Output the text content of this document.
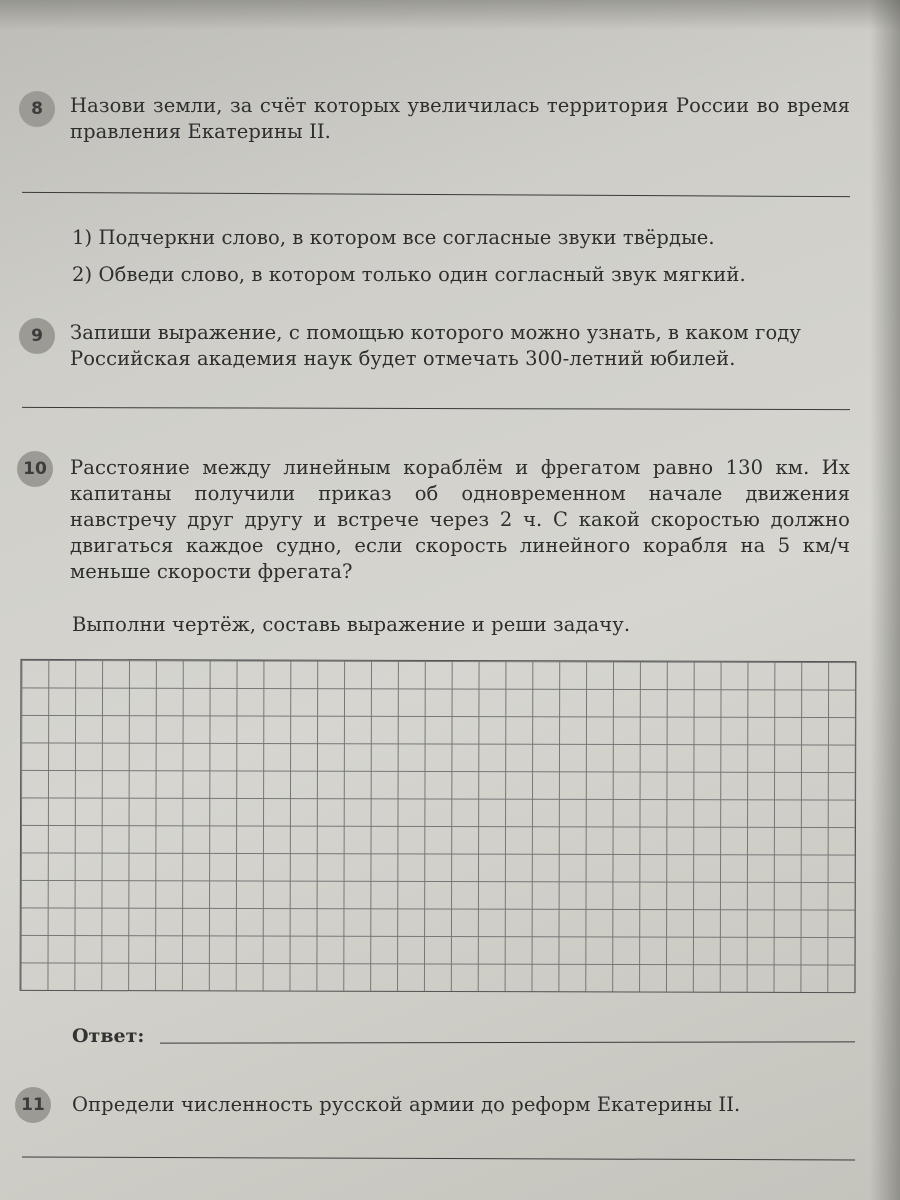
8	Назови земли, за счёт которых увеличилась территория России во время правления Екатерины II.
1) Подчеркни слово, в котором все согласные звуки твёрдые.
2) Обведи слово, в котором только один согласный звук мягкий.
9	Запиши выражение, с помощью которого можно узнать, в каком году Российская академия наук будет отмечать 300-летний юбилей.
10	Расстояние между линейным кораблём и фрегатом равно 130 км. Их капитаны получили приказ об одновременном начале движения навстречу друг другу и встрече через 2 ч. С какой скоростью должно двигаться каждое судно, если скорость линейного корабля на 5 км/ч меньше скорости фрегата?
Выполни чертёж, составь выражение и реши задачу.
Ответ:
11	Определи численность русской армии до реформ Екатерины II.
